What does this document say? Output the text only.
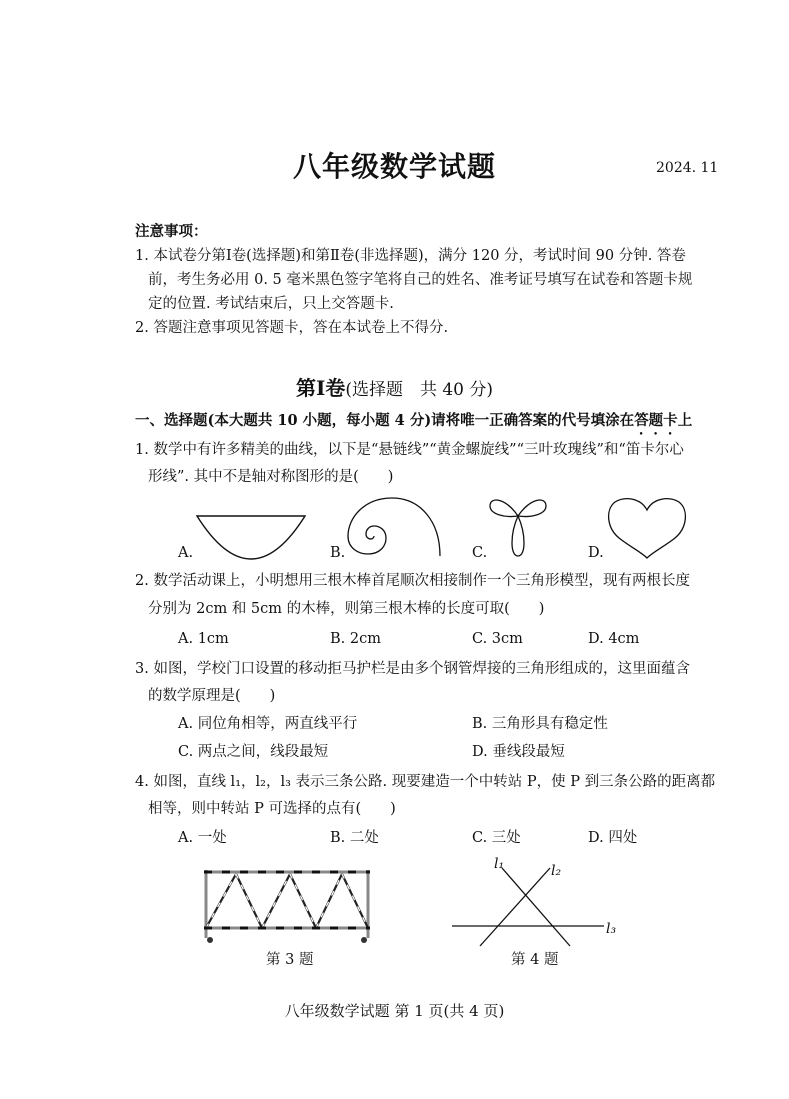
八年级数学试题	2024. 11
注意事项：
1. 本试卷分第Ⅰ卷(选择题)和第Ⅱ卷(非选择题)，满分 120 分，考试时间 90 分钟. 答卷
前，考生务必用 0. 5 毫米黑色签字笔将自己的姓名、准考证号填写在试卷和答题卡规
定的位置. 考试结束后，只上交答题卡.
2. 答题注意事项见答题卡，答在本试卷上不得分.
第Ⅰ卷(选择题　共 40 分)
一、选择题(本大题共 10 小题，每小题 4 分)请将唯一正确答案的代号填涂在答题卡上
1. 数学中有许多精美的曲线，以下是“悬链线”“黄金螺旋线”“三叶玫瑰线”和“笛卡尔心
形线”. 其中不是轴对称图形的是(　　)
A.	B.	C.	D.
2. 数学活动课上，小明想用三根木棒首尾顺次相接制作一个三角形模型，现有两根长度
分别为 2cm 和 5cm 的木棒，则第三根木棒的长度可取(　　)
A. 1cm	B. 2cm	C. 3cm	D. 4cm
3. 如图，学校门口设置的移动拒马护栏是由多个钢管焊接的三角形组成的，这里面蕴含
的数学原理是(　　)
A. 同位角相等，两直线平行	B. 三角形具有稳定性
C. 两点之间，线段最短	D. 垂线段最短
4. 如图，直线 l₁，l₂，l₃ 表示三条公路. 现要建造一个中转站 P，使 P 到三条公路的距离都
相等，则中转站 P 可选择的点有(　　)
A. 一处	B. 二处	C. 三处	D. 四处
第 3 题
l₁	l₂
l₃
第 4 题
八年级数学试题 第 1 页(共 4 页)
